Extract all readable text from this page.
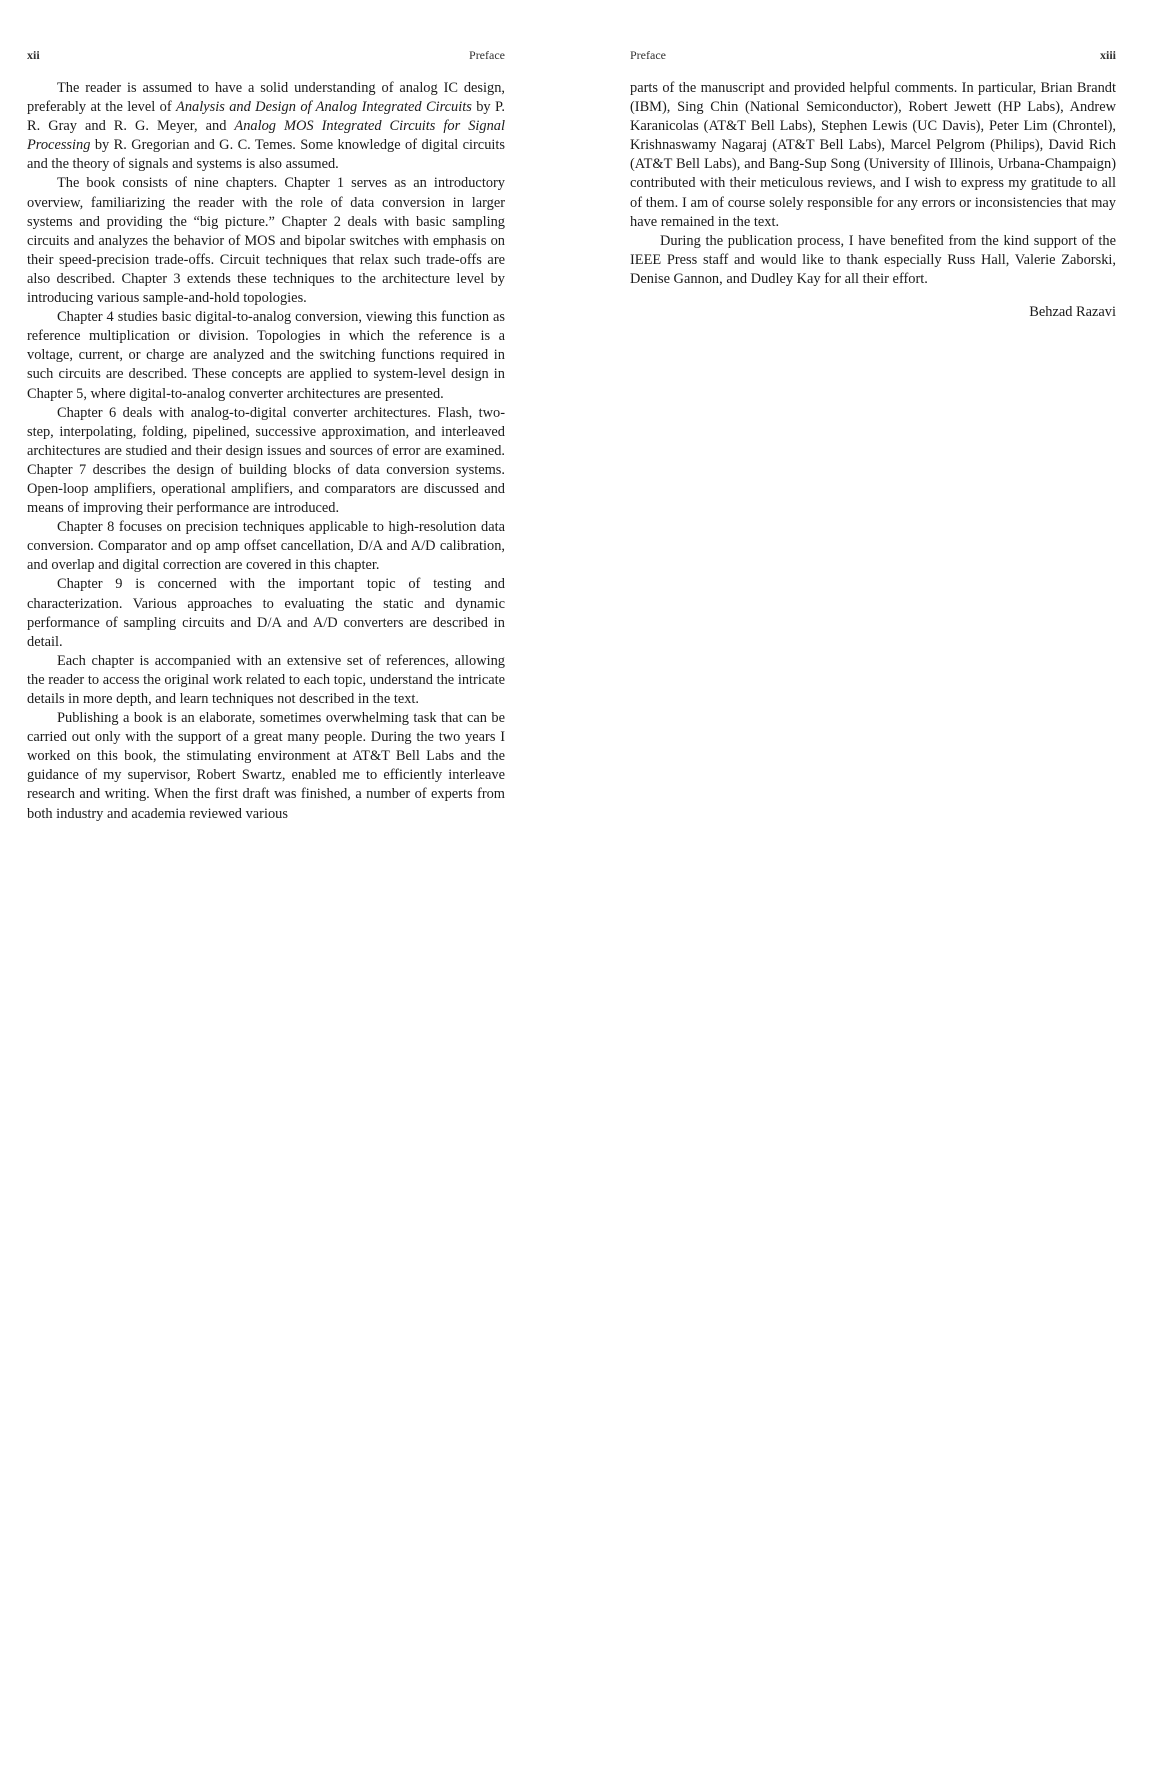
xii	Preface

The reader is assumed to have a solid understanding of analog IC design, preferably at the level of Analysis and Design of Analog Integrated Circuits by P. R. Gray and R. G. Meyer, and Analog MOS Integrated Circuits for Signal Processing by R. Gregorian and G. C. Temes. Some knowledge of digital circuits and the theory of signals and systems is also assumed.

The book consists of nine chapters. Chapter 1 serves as an introductory overview, familiarizing the reader with the role of data conversion in larger systems and providing the “big picture.” Chapter 2 deals with basic sampling circuits and analyzes the behavior of MOS and bipolar switches with emphasis on their speed-precision trade-offs. Circuit techniques that relax such trade-offs are also described. Chapter 3 extends these techniques to the architecture level by introducing various sample-and-hold topologies.

Chapter 4 studies basic digital-to-analog conversion, viewing this function as reference multiplication or division. Topologies in which the reference is a voltage, current, or charge are analyzed and the switching functions required in such circuits are described. These concepts are applied to system-level design in Chapter 5, where digital-to-analog converter architectures are presented.

Chapter 6 deals with analog-to-digital converter architectures. Flash, two-step, interpolating, folding, pipelined, successive approximation, and interleaved architectures are studied and their design issues and sources of error are examined. Chapter 7 describes the design of building blocks of data conversion systems. Open-loop amplifiers, operational amplifiers, and comparators are discussed and means of improving their performance are introduced.

Chapter 8 focuses on precision techniques applicable to high-resolution data conversion. Comparator and op amp offset cancellation, D/A and A/D calibration, and overlap and digital correction are covered in this chapter.

Chapter 9 is concerned with the important topic of testing and characterization. Various approaches to evaluating the static and dynamic performance of sampling circuits and D/A and A/D converters are described in detail.

Each chapter is accompanied with an extensive set of references, allowing the reader to access the original work related to each topic, understand the intricate details in more depth, and learn techniques not described in the text.

Publishing a book is an elaborate, sometimes overwhelming task that can be carried out only with the support of a great many people. During the two years I worked on this book, the stimulating environment at AT&T Bell Labs and the guidance of my supervisor, Robert Swartz, enabled me to efficiently interleave research and writing. When the first draft was finished, a number of experts from both industry and academia reviewed various

Preface	xiii

parts of the manuscript and provided helpful comments. In particular, Brian Brandt (IBM), Sing Chin (National Semiconductor), Robert Jewett (HP Labs), Andrew Karanicolas (AT&T Bell Labs), Stephen Lewis (UC Davis), Peter Lim (Chrontel), Krishnaswamy Nagaraj (AT&T Bell Labs), Marcel Pelgrom (Philips), David Rich (AT&T Bell Labs), and Bang-Sup Song (University of Illinois, Urbana-Champaign) contributed with their meticulous reviews, and I wish to express my gratitude to all of them. I am of course solely responsible for any errors or inconsistencies that may have remained in the text.

During the publication process, I have benefited from the kind support of the IEEE Press staff and would like to thank especially Russ Hall, Valerie Zaborski, Denise Gannon, and Dudley Kay for all their effort.

Behzad Razavi
